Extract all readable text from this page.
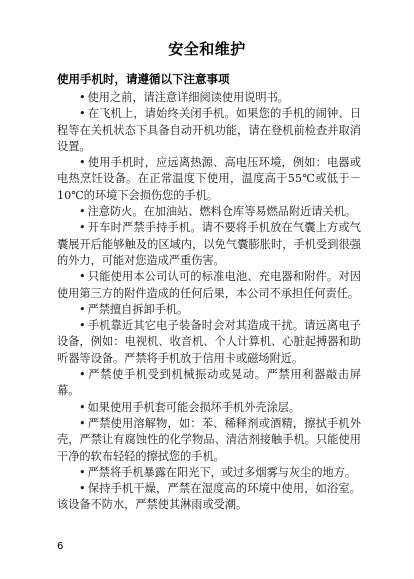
安全和维护
使用手机时，请遵循以下注意事项

• 使用之前，请注意详细阅读使用说明书。

• 在飞机上，请始终关闭手机。如果您的手机的闹钟、日程等在关机状态下具备自动开机功能，请在登机前检查并取消设置。

• 使用手机时，应远离热源、高电压环境，例如：电器或电热烹饪设备。在正常温度下使用，温度高于55℃或低于－10℃的环境下会损伤您的手机。

• 注意防火。在加油站、燃料仓库等易燃品附近请关机。

• 开车时严禁手持手机。请不要将手机放在气囊上方或气囊展开后能够触及的区域内，以免气囊膨胀时，手机受到很强的外力，可能对您造成严重伤害。

• 只能使用本公司认可的标准电池、充电器和附件。对因使用第三方的附件造成的任何后果，本公司不承担任何责任。

• 严禁擅自拆卸手机。

• 手机靠近其它电子装备时会对其造成干扰。请远离电子设备，例如：电视机、收音机、个人计算机、心脏起搏器和助听器等设备。严禁将手机放于信用卡或磁场附近。

• 严禁使手机受到机械振动或晃动。严禁用利器敲击屏幕。

• 如果使用手机套可能会损坏手机外壳涂层。

• 严禁使用溶解物，如：苯、稀释剂或酒精，擦拭手机外壳，严禁让有腐蚀性的化学物品、清洁剂接触手机。只能使用干净的软布轻轻的擦拭您的手机。

• 严禁将手机暴露在阳光下，或过多烟雾与灰尘的地方。

• 保持手机干燥，严禁在湿度高的环境中使用，如浴室。该设备不防水，严禁使其淋雨或受潮。

6
